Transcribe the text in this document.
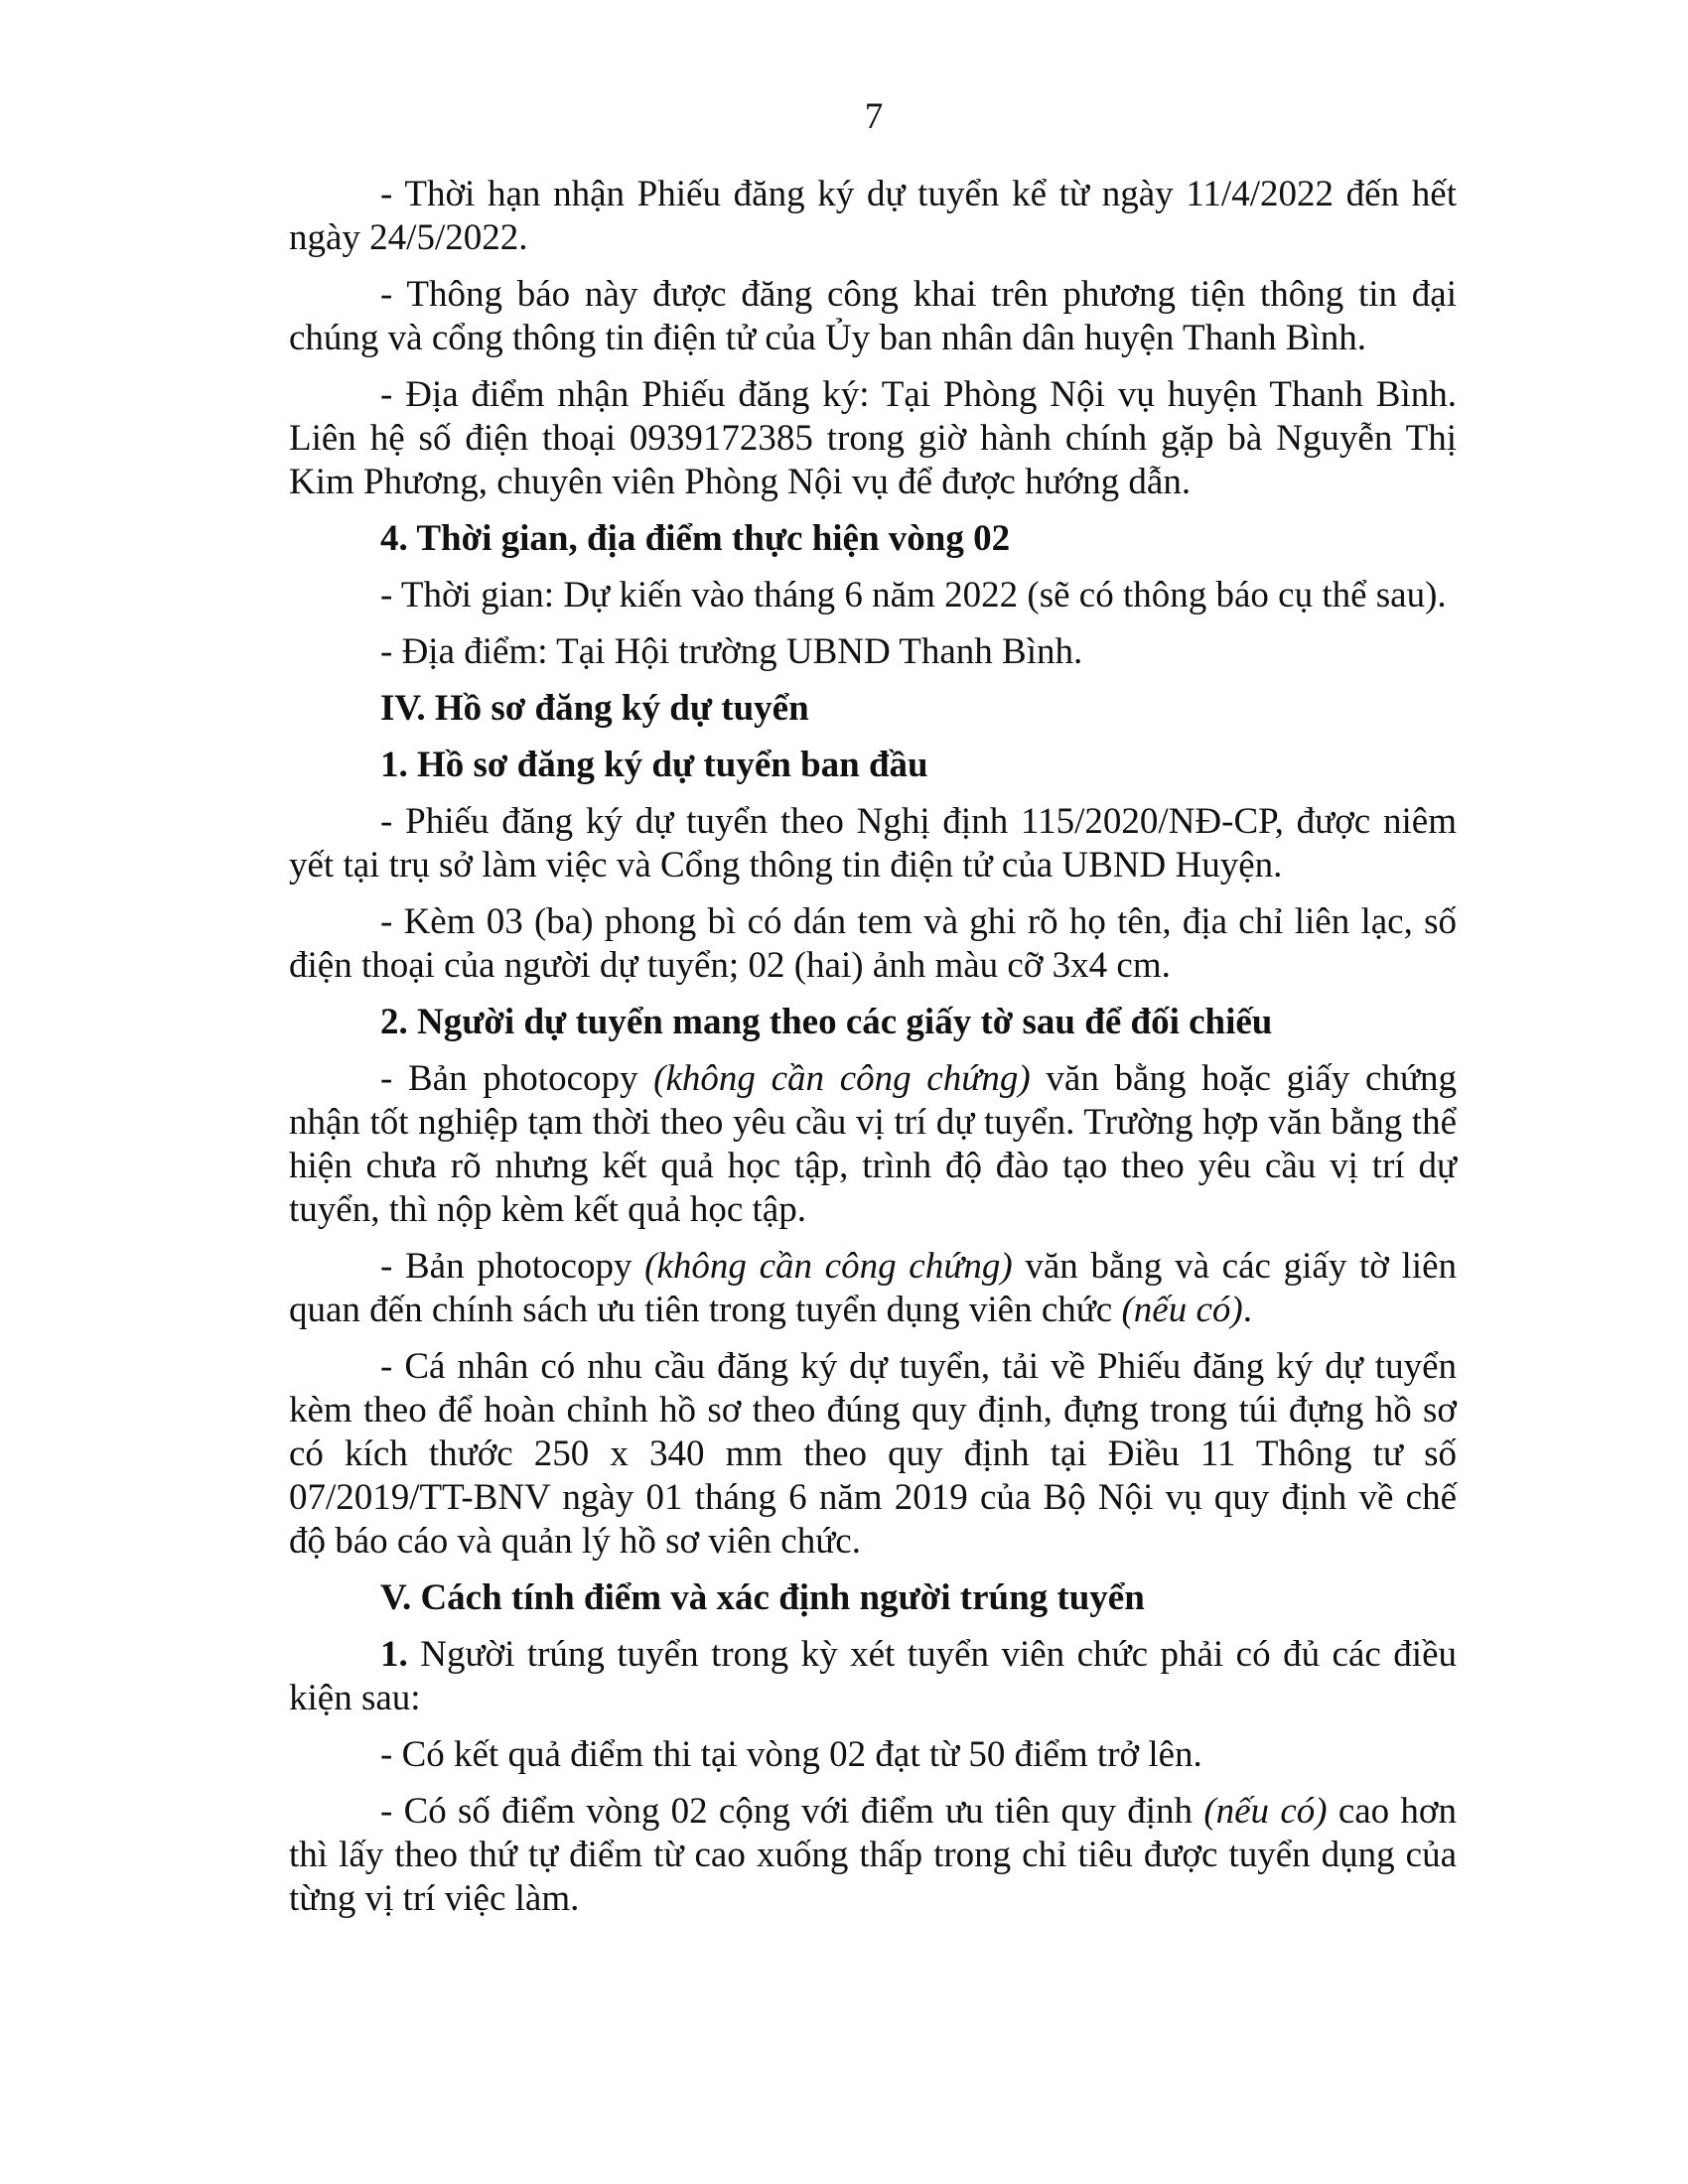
7

- Thời hạn nhận Phiếu đăng ký dự tuyển kể từ ngày 11/4/2022 đến hết ngày 24/5/2022.

- Thông báo này được đăng công khai trên phương tiện thông tin đại chúng và cổng thông tin điện tử của Ủy ban nhân dân huyện Thanh Bình.

- Địa điểm nhận Phiếu đăng ký: Tại Phòng Nội vụ huyện Thanh Bình. Liên hệ số điện thoại 0939172385 trong giờ hành chính gặp bà Nguyễn Thị Kim Phương, chuyên viên Phòng Nội vụ để được hướng dẫn.

4. Thời gian, địa điểm thực hiện vòng 02

- Thời gian: Dự kiến vào tháng 6 năm 2022 (sẽ có thông báo cụ thể sau).

- Địa điểm: Tại Hội trường UBND Thanh Bình.

IV. Hồ sơ đăng ký dự tuyển

1. Hồ sơ đăng ký dự tuyển ban đầu

- Phiếu đăng ký dự tuyển theo Nghị định 115/2020/NĐ-CP, được niêm yết tại trụ sở làm việc và Cổng thông tin điện tử của UBND Huyện.

- Kèm 03 (ba) phong bì có dán tem và ghi rõ họ tên, địa chỉ liên lạc, số điện thoại của người dự tuyển; 02 (hai) ảnh màu cỡ 3x4 cm.

2. Người dự tuyển mang theo các giấy tờ sau để đối chiếu

- Bản photocopy (không cần công chứng) văn bằng hoặc giấy chứng nhận tốt nghiệp tạm thời theo yêu cầu vị trí dự tuyển. Trường hợp văn bằng thể hiện chưa rõ nhưng kết quả học tập, trình độ đào tạo theo yêu cầu vị trí dự tuyển, thì nộp kèm kết quả học tập.

- Bản photocopy (không cần công chứng) văn bằng và các giấy tờ liên quan đến chính sách ưu tiên trong tuyển dụng viên chức (nếu có).

- Cá nhân có nhu cầu đăng ký dự tuyển, tải về Phiếu đăng ký dự tuyển kèm theo để hoàn chỉnh hồ sơ theo đúng quy định, đựng trong túi đựng hồ sơ có kích thước 250 x 340 mm theo quy định tại Điều 11 Thông tư số 07/2019/TT-BNV ngày 01 tháng 6 năm 2019 của Bộ Nội vụ quy định về chế độ báo cáo và quản lý hồ sơ viên chức.

V. Cách tính điểm và xác định người trúng tuyển

1. Người trúng tuyển trong kỳ xét tuyển viên chức phải có đủ các điều kiện sau:

- Có kết quả điểm thi tại vòng 02 đạt từ 50 điểm trở lên.

- Có số điểm vòng 02 cộng với điểm ưu tiên quy định (nếu có) cao hơn thì lấy theo thứ tự điểm từ cao xuống thấp trong chỉ tiêu được tuyển dụng của từng vị trí việc làm.
